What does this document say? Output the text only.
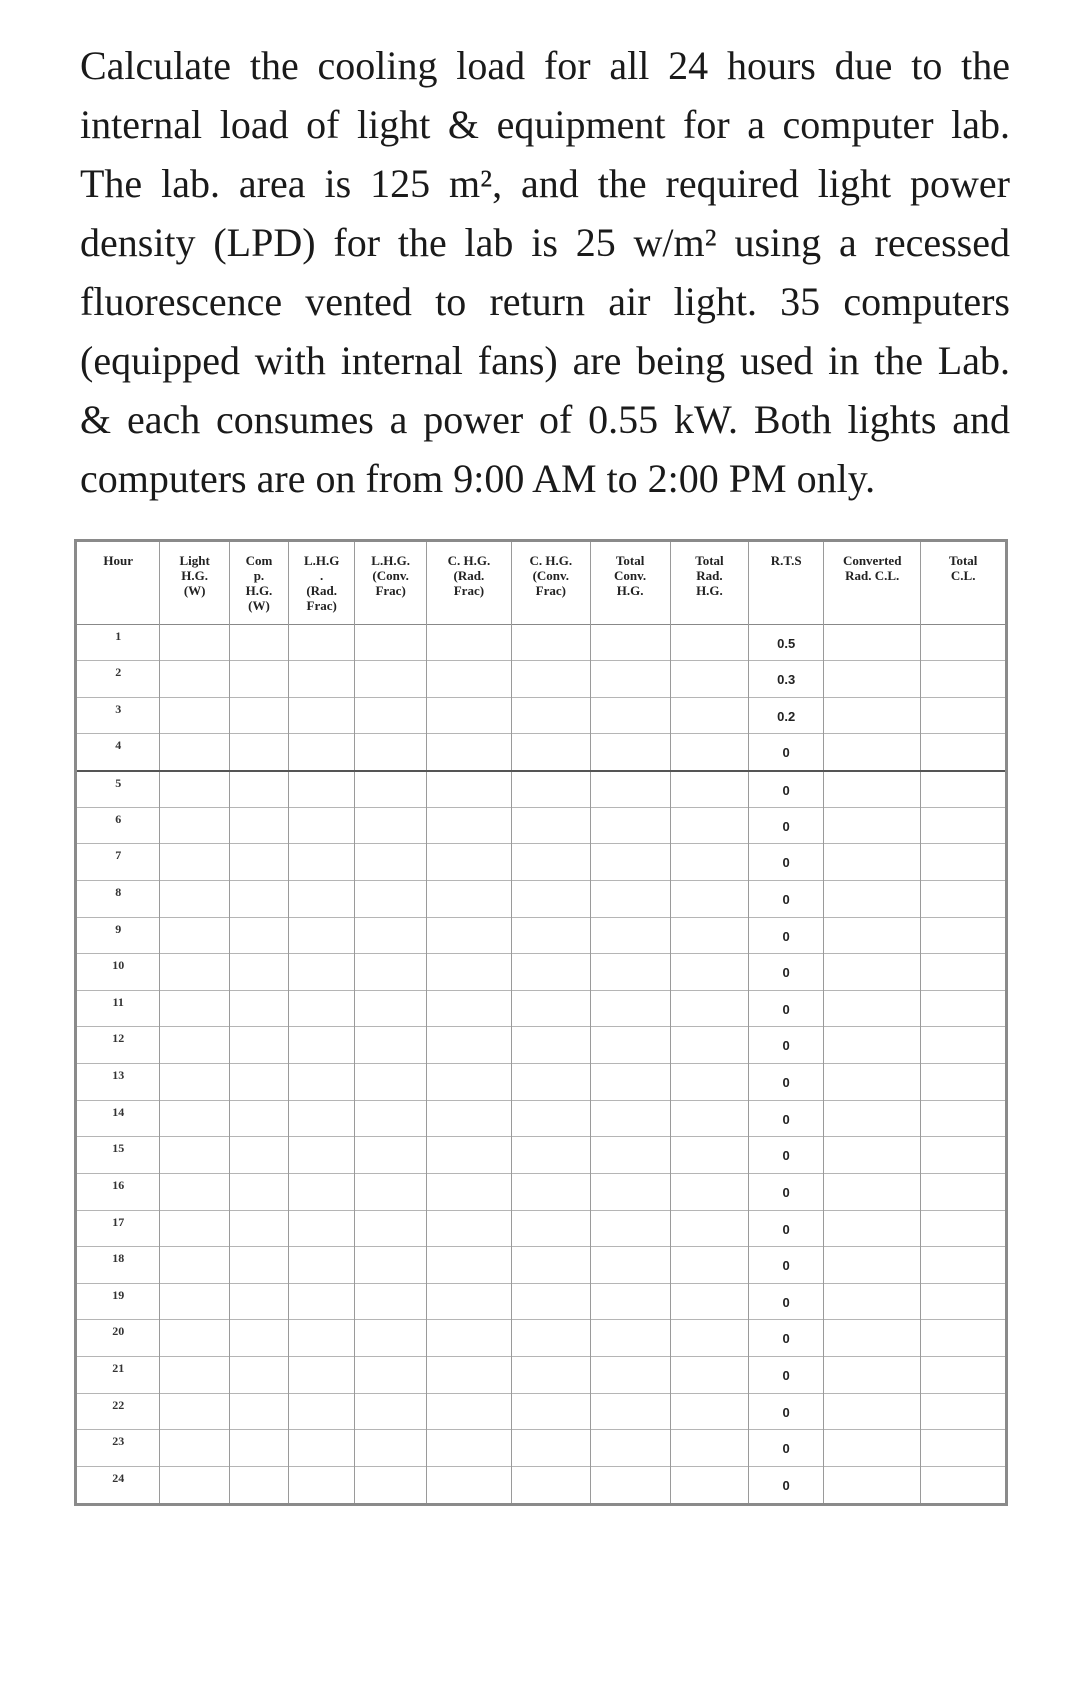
Calculate the cooling load for all 24 hours due to the
internal load of light & equipment for a computer lab.
The lab. area is 125 m², and the required light power
density (LPD) for the lab is 25 w/m² using a recessed
fluorescence vented to return air light. 35 computers
(equipped with internal fans) are being used in the Lab.
& each consumes a power of 0.55 kW. Both lights and
computers are on from 9:00 AM to 2:00 PM only.

Hour	Light
H.G.
(W)	Com
p.
H.G.
(W)	L.H.G
.
(Rad.
Frac)	L.H.G.
(Conv.
Frac)	C. H.G.
(Rad.
Frac)	C. H.G.
(Conv.
Frac)	Total
Conv.
H.G.	Total
Rad.
H.G.	R.T.S	Converted
Rad. C.L.	Total
C.L.

1									0.5		
2									0.3		
3									0.2		
4									0		
5									0		
6									0		
7									0		
8									0		
9									0		
10									0		
11									0		
12									0		
13									0		
14									0		
15									0		
16									0		
17									0		
18									0		
19									0		
20									0		
21									0		
22									0		
23									0		
24									0		
